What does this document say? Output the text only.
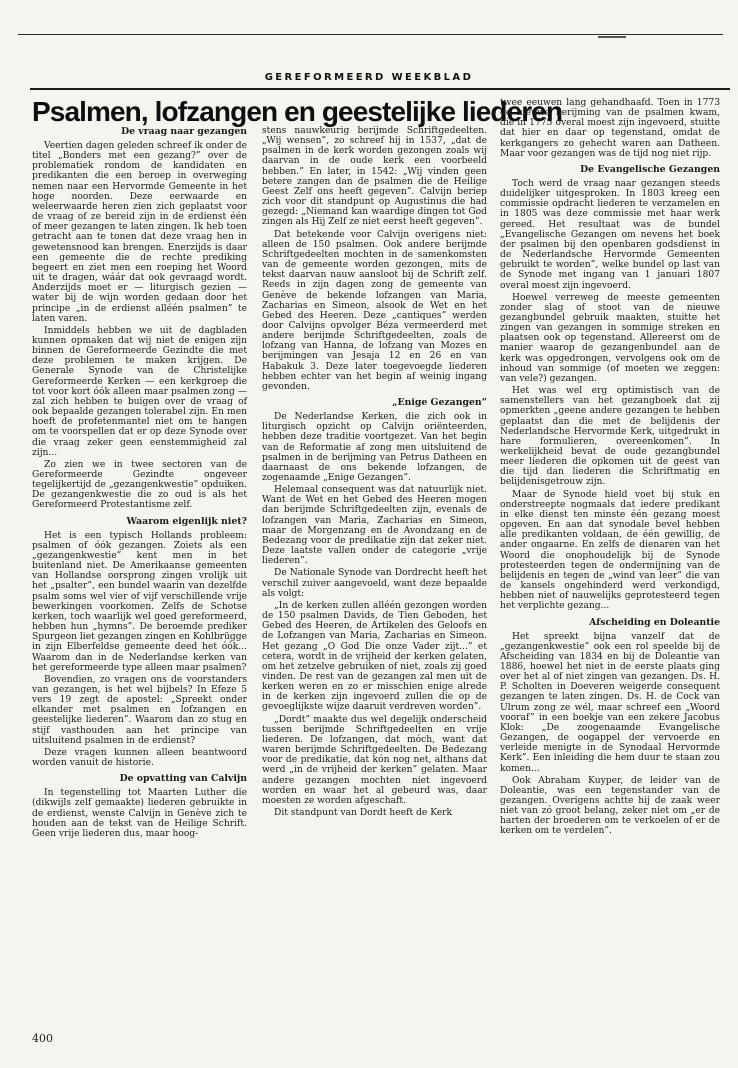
GEREFORMEERD WEEKBLAD
Psalmen, lofzangen en geestelijke liederen
De vraag naar gezangen

Veertien dagen geleden schreef ik onder de titel „Bonders met een gezang?” over de problematiek rondom de kandidaten en predikanten die een beroep in overweging nemen naar een Hervormde Gemeente in het hoge noorden. Deze eerwaarde en welеerwaarde heren zien zich geplaatst voor de vraag of ze bereid zijn in de erdienst één of meer gezangen te laten zingen. Ik heb toen getracht aan te tonen dat deze vraag hen in gewetensnood kan brengen. Enerzijds is daar een gemeente die de rechte prediking begeert en ziet men een roeping het Woord uit te dragen, wáár dat ook gevraagd wordt. Anderzijds moet er — liturgisch gezien — water bij de wijn worden gedaan door het principe „in de erdienst alléén psalmen” te laten varen.

Inmiddels hebben we uit de dagbladen kunnen opmaken dat wij niet de enigen zijn binnen de Gereformeerde Gezindte die met deze problemen te maken krijgen. De Generale Synode van de Christelijke Gereformeerde Kerken — een kerkgroep die tot voor kort óók alleen maar psalmen zong — zal zich hebben te buigen over de vraag of ook bepaalde gezangen tolerabel zijn. En men hoeft de profetenmantel niet om te hangen om te voorspellen dat er op deze Synode over die vraag zeker geen eenstemmigheid zal zijn...

Zo zien we in twee sectoren van de Gereformeerde Gezindte ongeveer tegelijkertijd de „gezangenkwestie” opduiken. De gezangenkwestie die zo oud is als het Gereformeerd Protestantisme zelf.

Waarom eigenlijk niet?

Het is een typisch Hollands probleem: psalmen of óók gezangen. Zoiets als een „gezangenkwestie” kent men in het buitenland niet. De Amerikaanse gemeenten van Hollandse oorsprong zingen vrolijk uit het „psalter”, een bundel waarin van dezelfde psalm soms wel vier of vijf verschillende vrije bewerkingen voorkomen. Zelfs de Schotse kerken, toch waarlijk wel goed gereformeerd, hebben hun „hymns”. De beroemde prediker Spurgeon liet gezangen zingen en Kohlbrügge in zijn Elberfeldse gemeente deed het óók... Waarom dan in de Nederlandse kerken van het gereformeerde type alleen maar psalmen?

Bovendien, zo vragen ons de voorstanders van gezangen, is het wel bijbels? In Efeze 5 vers 19 zegt de apostel: „Spreekt onder elkander met psalmen en lofzangen en geestelijke liederen”. Waarom dan zo stug en stijf vasthouden aan het principe van uitsluitend psalmen in de erdienst?

Deze vragen kunnen alleen beantwoord worden vanuit de historie.

De opvatting van Calvijn

In tegenstelling tot Maarten Luther die (dikwijls zelf gemaakte) liederen gebruikte in de erdienst, wenste Calvijn in Genève zich te houden aan de tekst van de Heilige Schrift. Geen vrije liederen dus, maar hoog-

stens nauwkeurig berijmde Schriftgedeelten. „Wij wensen”, zo schreef hij in 1537, „dat de psalmen in de kerk worden gezongen zoals wij daarvan in de oude kerk een voorbeeld hebben.” En later, in 1542: „Wij vinden geen betere zangen dan de psalmen die de Heilige Geest Zelf ons heeft gegeven”. Calvijn beriep zich voor dit standpunt op Augustinus die had gezegd: „Niemand kan waardige dingen tot God zingen als Hij Zelf ze niet eerst heeft gegeven”.

Dat betekende voor Calvijn overigens niet: alleen de 150 psalmen. Ook andere berijmde Schriftgedeelten mochten in de samenkomsten van de gemeente worden gezongen, mits de tekst daarvan nauw aansloot bij de Schrift zelf. Reeds in zijn dagen zong de gemeente van Genève de bekende lofzangen van Maria, Zacharias en Simeon, alsook de Wet en het Gebed des Heeren. Deze „cantiques” werden door Calvijns opvolger Béza vermeerderd met andere berijmde Schriftgedeelten, zoals de lofzang van Hanna, de lofzang van Mozes en berijmingen van Jesaja 12 en 26 en van Habakuk 3. Deze later toegevoegde liederen hebben echter van het begin af weinig ingang gevonden.

„Enige Gezangen”

De Nederlandse Kerken, die zich ook in liturgisch opzicht op Calvijn oriënteerden, hebben deze traditie voortgezet. Van het begin van de Reformatie af zong men uitsluitend de psalmen in de berijming van Petrus Datheen en daarnaast de ons bekende lofzangen, de zogenaamde „Enige Gezangen”.

Helemaal consequent was dat natuurlijk niet. Want de Wet en het Gebed des Heeren mogen dan berijmde Schriftgedeelten zijn, evenals de lofzangen van Maria, Zacharias en Simeon, maar de Morgenzang en de Avondzang en de Bedezang voor de predikatie zijn dat zeker niet. Deze laatste vallen onder de categorie „vrije liederen”.

De Nationale Synode van Dordrecht heeft het verschil zuiver aangevoeld, want deze bepaalde als volgt:

„In de kerken zullen alléén gezongen worden de 150 psalmen Davids, de Tien Geboden, het Gebed des Heeren, de Artikelen des Geloofs en de Lofzangen van Maria, Zacharias en Simeon. Het gezang „O God Die onze Vader zijt...” et cetera, wordt in de vrijheid der kerken gelaten, om het zetzelve gebruiken of niet, zoals zij goed vinden. De rest van de gezangen zal men uit de kerken weren en zo er misschien enige alrede in de kerken zijn ingevoerd zullen die op de gevoeglijkste wijze daaruit verdreven worden”.

„Dordt” maakte dus wel degelijk onderscheid tussen berijmde Schriftgedeelten en vrije liederen. De lofzangen, dat móch, want dat waren berijmde Schriftgedeelten. De Bedezang voor de predikatie, dat kón nog net, althans dat werd „in de vrijheid der kerken” gelaten. Maar andere gezangen mochten niet ingevoerd worden en waar het al gebeurd was, daar moesten ze worden afgeschaft.

Dit standpunt van Dordt heeft de Kerk

twee eeuwen lang gehandhaafd. Toen in 1773 de nieuwe berijming van de psalmen kwam, die in 1775 overal moest zijn ingevoerd, stuitte dat hier en daar op tegenstand, omdat de kerkgangers zo gehecht waren aan Datheen. Maar voor gezangen was de tijd nog niet rijp.

De Evangelische Gezangen

Toch werd de vraag naar gezangen steeds duidelijker uitgesproken. In 1803 kreeg een commissie opdracht liederen te verzamelen en in 1805 was deze commissie met haar werk gereed. Het resultaat was de bundel „Evangelische Gezangen om nevens het boek der psalmen bij den openbaren godsdienst in de Nederlandsche Hervormde Gemeenten gebruikt te worden”, welke bundel op last van de Synode met ingang van 1 januari 1807 overal moest zijn ingevoerd.

Hoewel verreweg de meeste gemeenten zonder slag of stoot van de nieuwe gezangbundel gebruik maakten, stuitte het zingen van gezangen in sommige streken en plaatsen ook op tegenstand. Allereerst om de manier waarop de gezangenbundel aan de kerk was opgedrongen, vervolgens ook om de inhoud van sommige (of moeten we zeggen: van vele?) gezangen.

Het was wel erg optimistisch van de samenstellers van het gezangboek dat zij opmerkten „geene andere gezangen te hebben geplaatst dan die met de belijdenis der Nederlandsche Hervormde Kerk, uitgedrukt in hare formulieren, overeenkomen”. In werkelijkheid bevat de oude gezangbundel meer liederen die opkomen uit de geest van die tijd dan liederen die Schriftmatig en belijdenisgetrouw zijn.

Maar de Synode hield voet bij stuk en onderstreepte nogmaals dat iedere predikant in elke dienst ten minste één gezang moest opgeven. En aan dat synodale bevel hebben alle predikanten voldaan, de één gewillig, de ander ongaarne. En zelfs de dienaren van het Woord die onophoudelijk bij de Synode protesteerden tegen de ondermijning van de belijdenis en tegen de „wind van leer” die van de kansels ongehinderd werd verkondigd, hebben niet of nauwelijks geprotesteerd tegen het verplichte gezang...

Afscheiding en Doleantie

Het spreekt bijna vanzelf dat de „gezangenkwestie” ook een rol speelde bij de Afscheiding van 1834 en bij de Doleantie van 1886, hoewel het niet in de eerste plaats ging over het al of niet zingen van gezangen. Ds. H. P. Scholten in Doeveren weigerde consequent gezangen te laten zingen. Ds. H. de Cock van Ulrum zong ze wél, maar schreef een „Woord vooraf” in een boekje van een zekere Jacobus Klok: „De zoogenaamde Evangelische Gezangen, de oogappel der vervoerde en verleide menigte in de Synodaal Hervormde Kerk”. Een inleiding die hem duur te staan zou komen...

Ook Abraham Kuyper, de leider van de Doleantie, was een tegenstander van de gezangen. Overigens achtte hij de zaak weer niet van zó groot belang, zeker niet om „er de harten der broederen om te verkoelen of er de kerken om te verdelen”.

400
